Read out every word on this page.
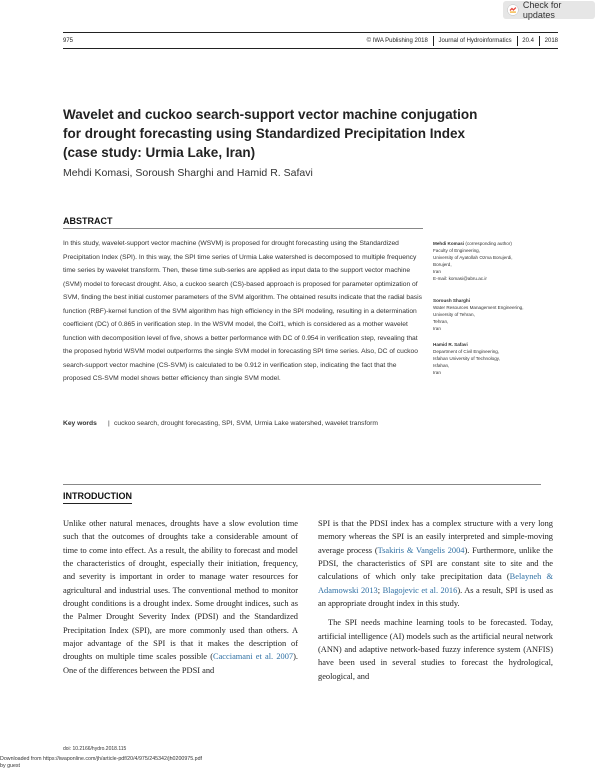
Check for updates
975	© IWA Publishing 2018 Journal of Hydroinformatics 20.4 2018
Wavelet and cuckoo search-support vector machine conjugation for drought forecasting using Standardized Precipitation Index (case study: Urmia Lake, Iran)
Mehdi Komasi, Soroush Sharghi and Hamid R. Safavi
ABSTRACT
In this study, wavelet-support vector machine (WSVM) is proposed for drought forecasting using the Standardized Precipitation Index (SPI). In this way, the SPI time series of Urmia Lake watershed is decomposed to multiple frequency time series by wavelet transform. Then, these time sub-series are applied as input data to the support vector machine (SVM) model to forecast drought. Also, a cuckoo search (CS)-based approach is proposed for parameter optimization of SVM, finding the best initial customer parameters of the SVM algorithm. The obtained results indicate that the radial basis function (RBF)-kernel function of the SVM algorithm has high efficiency in the SPI modeling, resulting in a determination coefficient (DC) of 0.865 in verification step. In the WSVM model, the Coif1, which is considered as a mother wavelet function with decomposition level of five, shows a better performance with DC of 0.954 in verification step, revealing that the proposed hybrid WSVM model outperforms the single SVM model in forecasting SPI time series. Also, DC of cuckoo search-support vector machine (CS-SVM) is calculated to be 0.912 in verification step, indicating the fact that the proposed CS-SVM model shows better efficiency than single SVM model.
Key words	| cuckoo search, drought forecasting, SPI, SVM, Urmia Lake watershed, wavelet transform
Mehdi Komasi (corresponding author)
Faculty of Engineering,
University of Ayatollah Ozma Borujerdi,
Borujerd,
Iran
E-mail: komasi@abru.ac.ir
Soroush Sharghi
Water Resources Management Engineering,
University of Tehran,
Tehran,
Iran
Hamid R. Safavi
Department of Civil Engineering,
Isfahan University of Technology,
Isfahan,
Iran
INTRODUCTION

Unlike other natural menaces, droughts have a slow evolution time such that the outcomes of droughts take a considerable amount of time to come into effect. As a result, the ability to forecast and model the characteristics of drought, especially their initiation, frequency, and severity is important in order to manage water resources for agricultural and industrial uses. The conventional method to monitor drought conditions is a drought index. Some drought indices, such as the Palmer Drought Severity Index (PDSI) and the Standardized Precipitation Index (SPI), are more commonly used than others. A major advantage of the SPI is that it makes the description of droughts on multiple time scales possible (Cacciamani et al. 2007). One of the differences between the PDSI and

SPI is that the PDSI index has a complex structure with a very long memory whereas the SPI is an easily interpreted and simple-moving average process (Tsakiris & Vangelis 2004). Furthermore, unlike the PDSI, the characteristics of SPI are constant site to site and the calculations of which only take precipitation data (Belayneh & Adamowski 2013; Blagojevic et al. 2016). As a result, SPI is used as an appropriate drought index in this study.

The SPI needs machine learning tools to be forecasted. Today, artificial intelligence (AI) models such as the artificial neural network (ANN) and adaptive network-based fuzzy inference system (ANFIS) have been used in several studies to forecast the hydrological, geological, and

doi: 10.2166/hydro.2018.115
Downloaded from https://iwaponline.com/jh/article-pdf/20/4/975/245342/jh0200975.pdf
by guest
